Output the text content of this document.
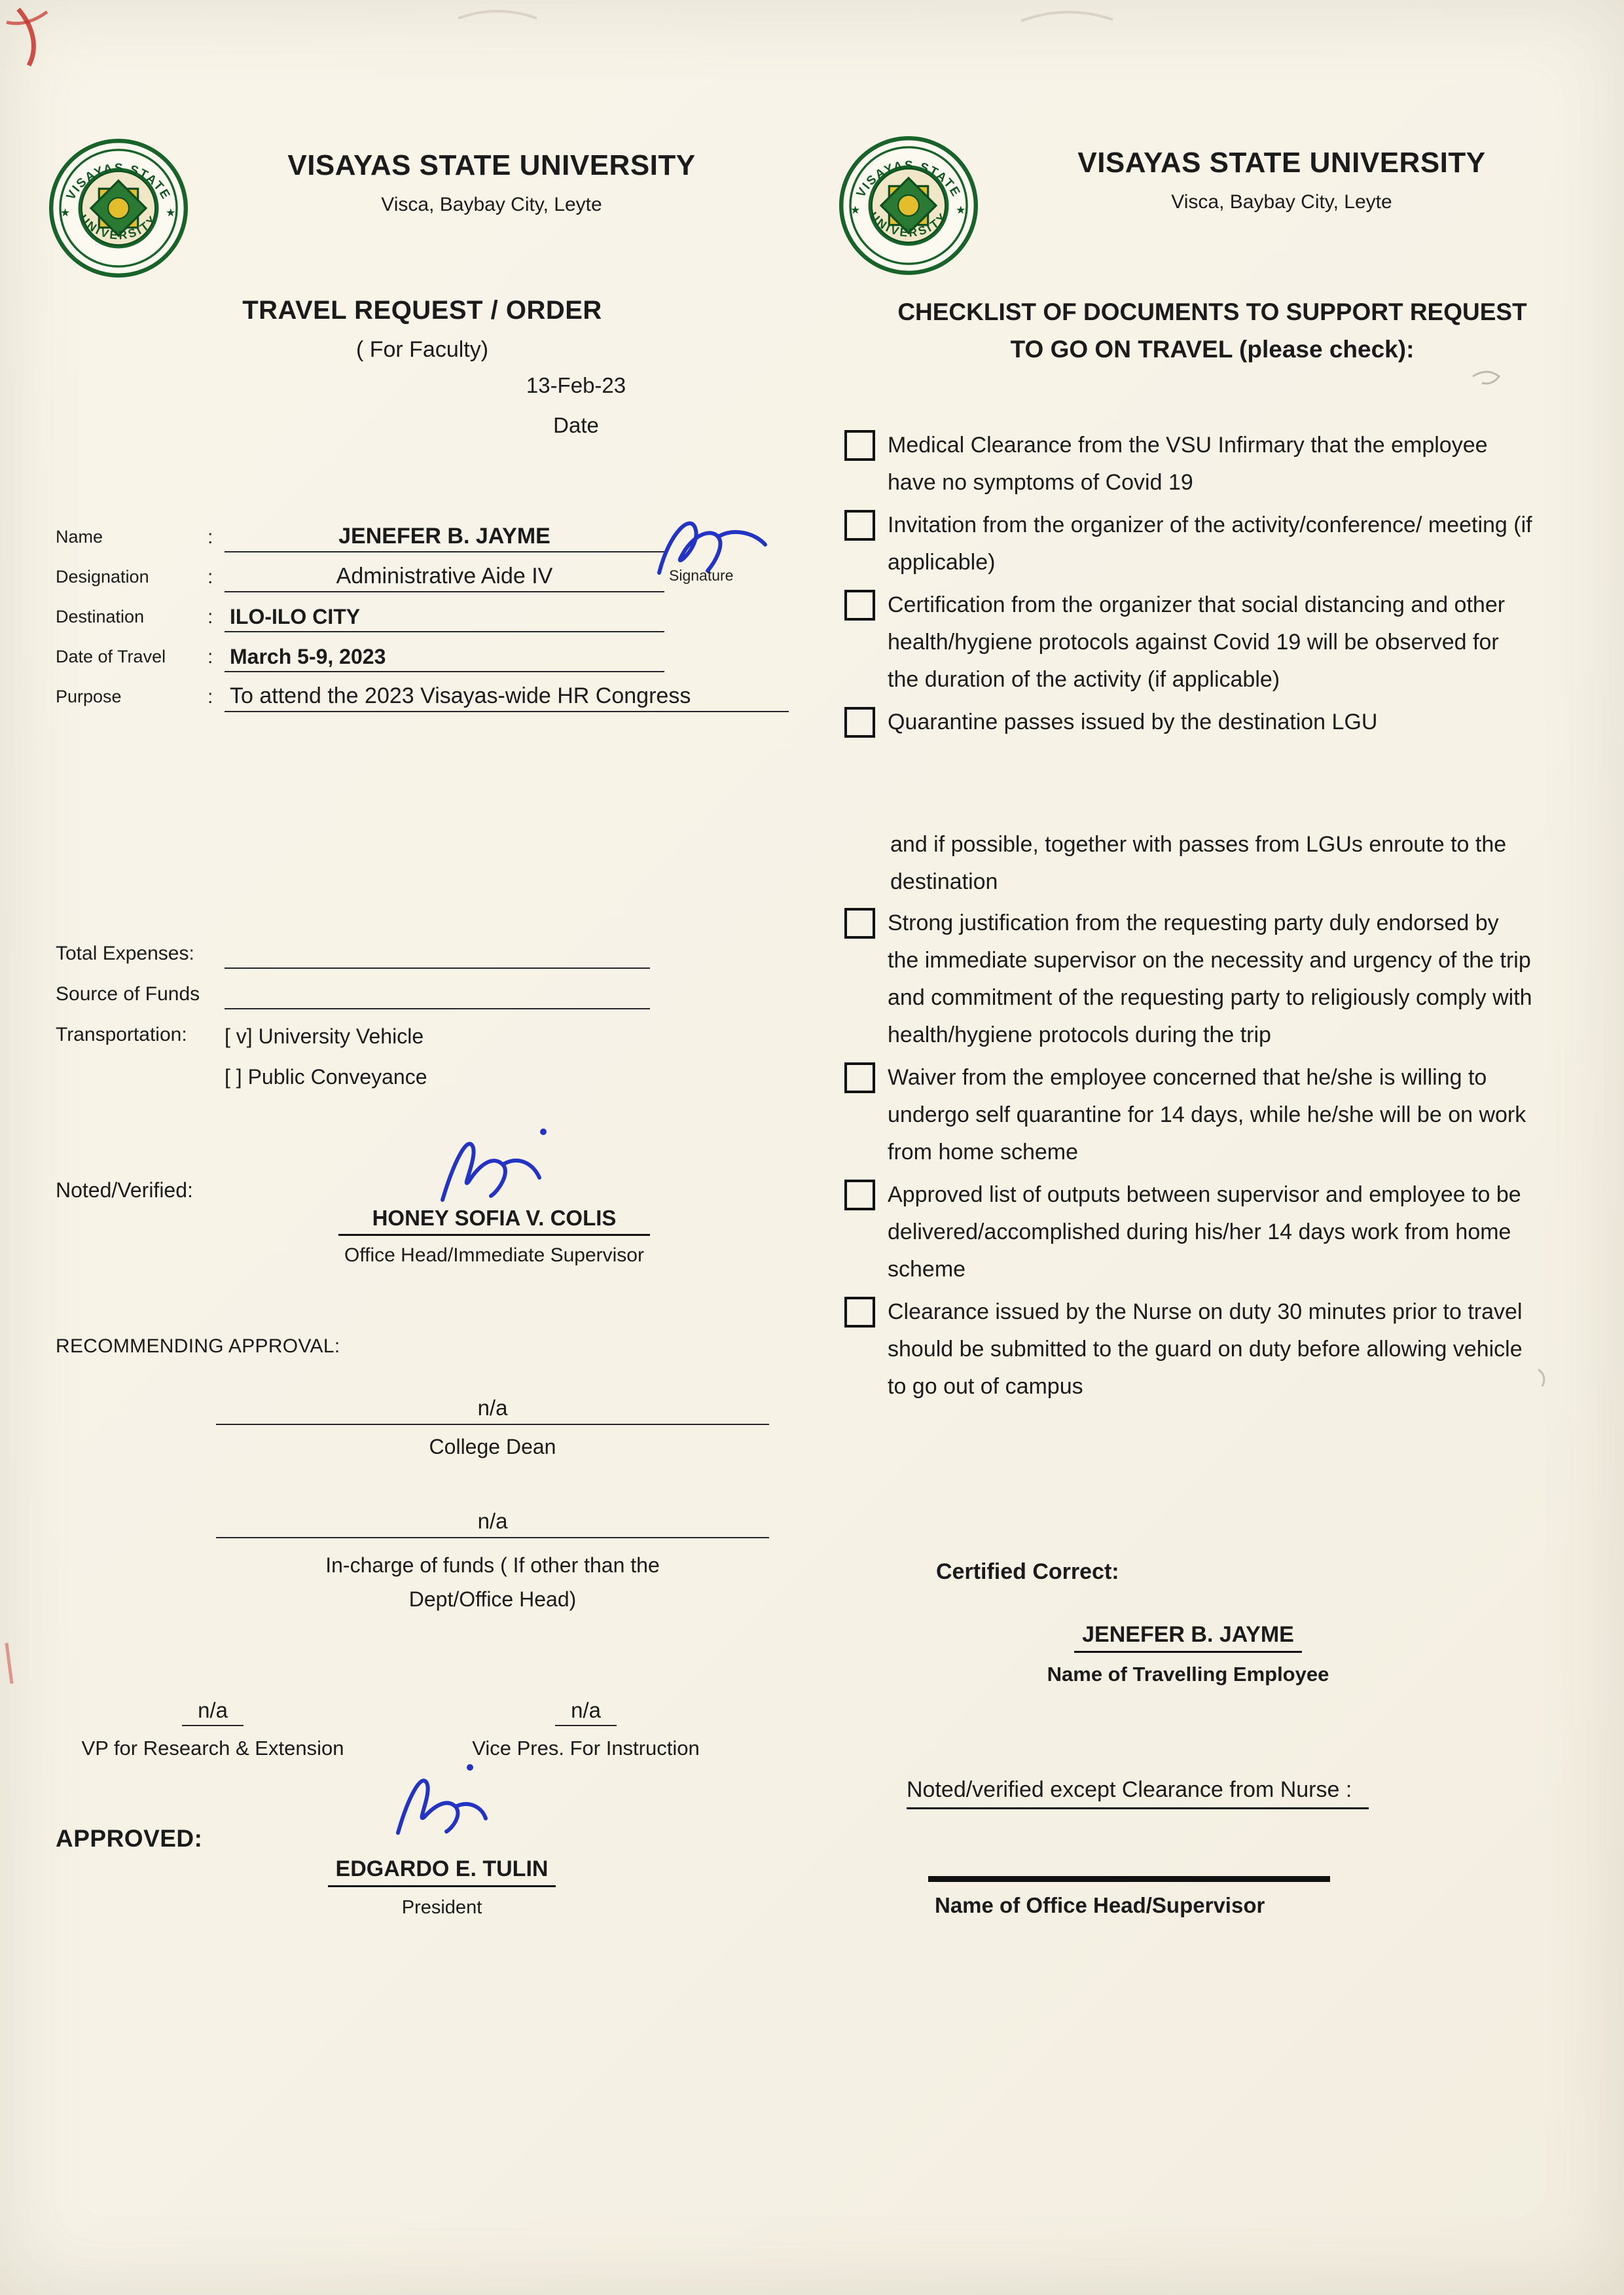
VISAYAS STATE UNIVERSITY
Visca, Baybay City, Leyte
TRAVEL REQUEST / ORDER
( For Faculty)
13-Feb-23
Date
Name	:	JENEFER B. JAYME
Designation	:	Administrative Aide IV
Destination	: ILO-ILO CITY
Date of Travel	: March 5-9, 2023
Purpose	: To attend the 2023 Visayas-wide HR Congress
Signature
Total Expenses:
Source of Funds
Transportation:	[ v] University Vehicle
[ ] Public Conveyance
Noted/Verified:
HONEY SOFIA V. COLIS
Office Head/Immediate Supervisor
RECOMMENDING APPROVAL:
n/a
College Dean
n/a
In-charge of funds ( If other than the Dept/Office Head)
n/a
VP for Research & Extension
n/a
Vice Pres. For Instruction
APPROVED:
EDGARDO E. TULIN
President
VISAYAS STATE UNIVERSITY
Visca, Baybay City, Leyte
CHECKLIST OF DOCUMENTS TO SUPPORT REQUEST
TO GO ON TRAVEL (please check):
Medical Clearance from the VSU Infirmary that the employee have no symptoms of Covid 19
Invitation from the organizer of the activity/conference/ meeting (if applicable)
Certification from the organizer that social distancing and other health/hygiene protocols against Covid 19 will be observed for the duration of the activity (if applicable)
Quarantine passes issued by the destination LGU
and if possible, together with passes from LGUs enroute to the destination
Strong justification from the requesting party duly endorsed by the immediate supervisor on the necessity and urgency of the trip and commitment of the requesting party to religiously comply with health/hygiene protocols during the trip
Waiver from the employee concerned that he/she is willing to undergo self quarantine for 14 days, while he/she will be on work from home scheme
Approved list of outputs between supervisor and employee to be delivered/accomplished during his/her 14 days work from home scheme
Clearance issued by the Nurse on duty 30 minutes prior to travel should be submitted to the guard on duty before allowing vehicle to go out of campus
Certified Correct:
JENEFER B. JAYME
Name of Travelling Employee
Noted/verified except Clearance from Nurse :
Name of Office Head/Supervisor
